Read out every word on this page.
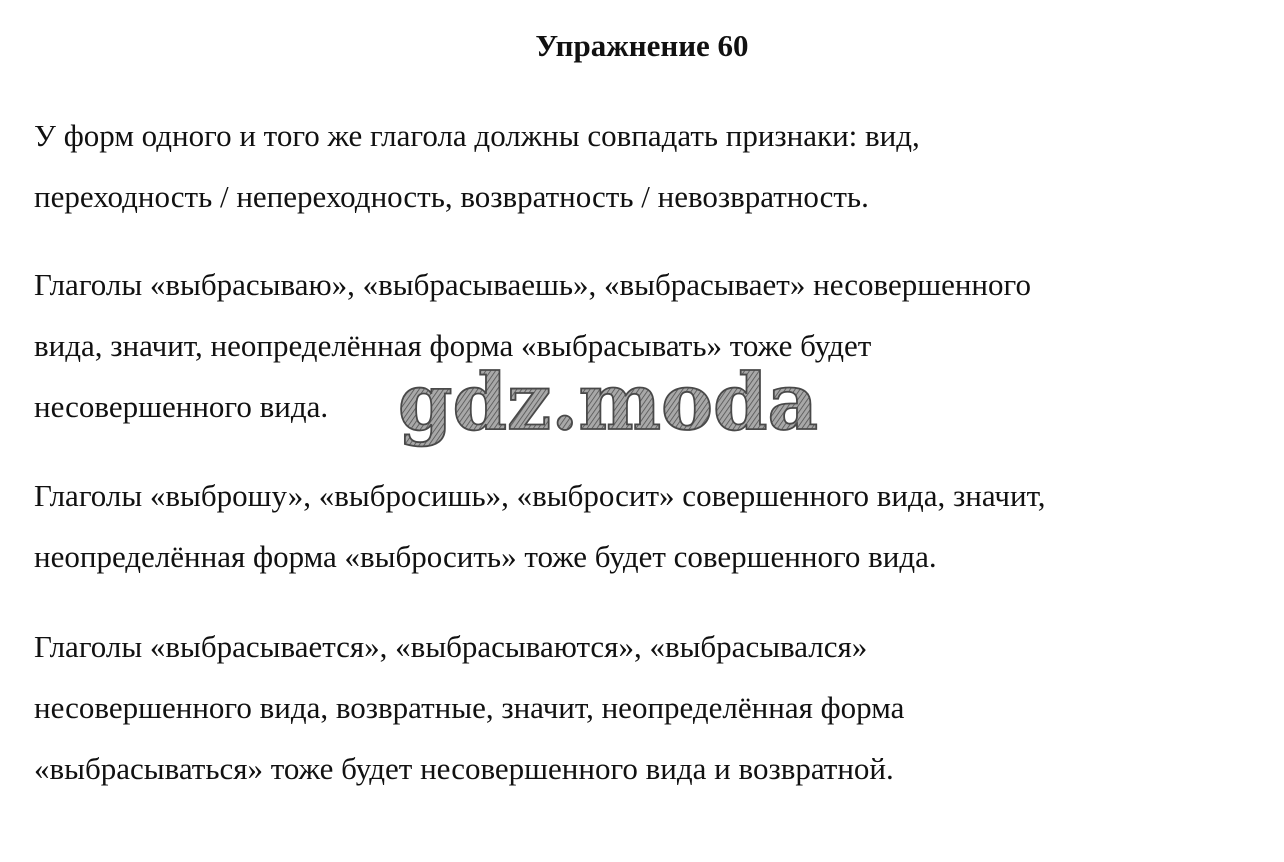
Упражнение 60

У форм одного и того же глагола должны совпадать признаки: вид,
переходность / непереходность, возвратность / невозвратность.

Глаголы «выбрасываю», «выбрасываешь», «выбрасывает» несовершенного
вида, значит, неопределённая форма «выбрасывать» тоже будет
несовершенного вида.

Глаголы «выброшу», «выбросишь», «выбросит» совершенного вида, значит,
неопределённая форма «выбросить» тоже будет совершенного вида.

Глаголы «выбрасывается», «выбрасываются», «выбрасывался»
несовершенного вида, возвратные, значит, неопределённая форма
«выбрасываться» тоже будет несовершенного вида и возвратной.

gdz.moda
